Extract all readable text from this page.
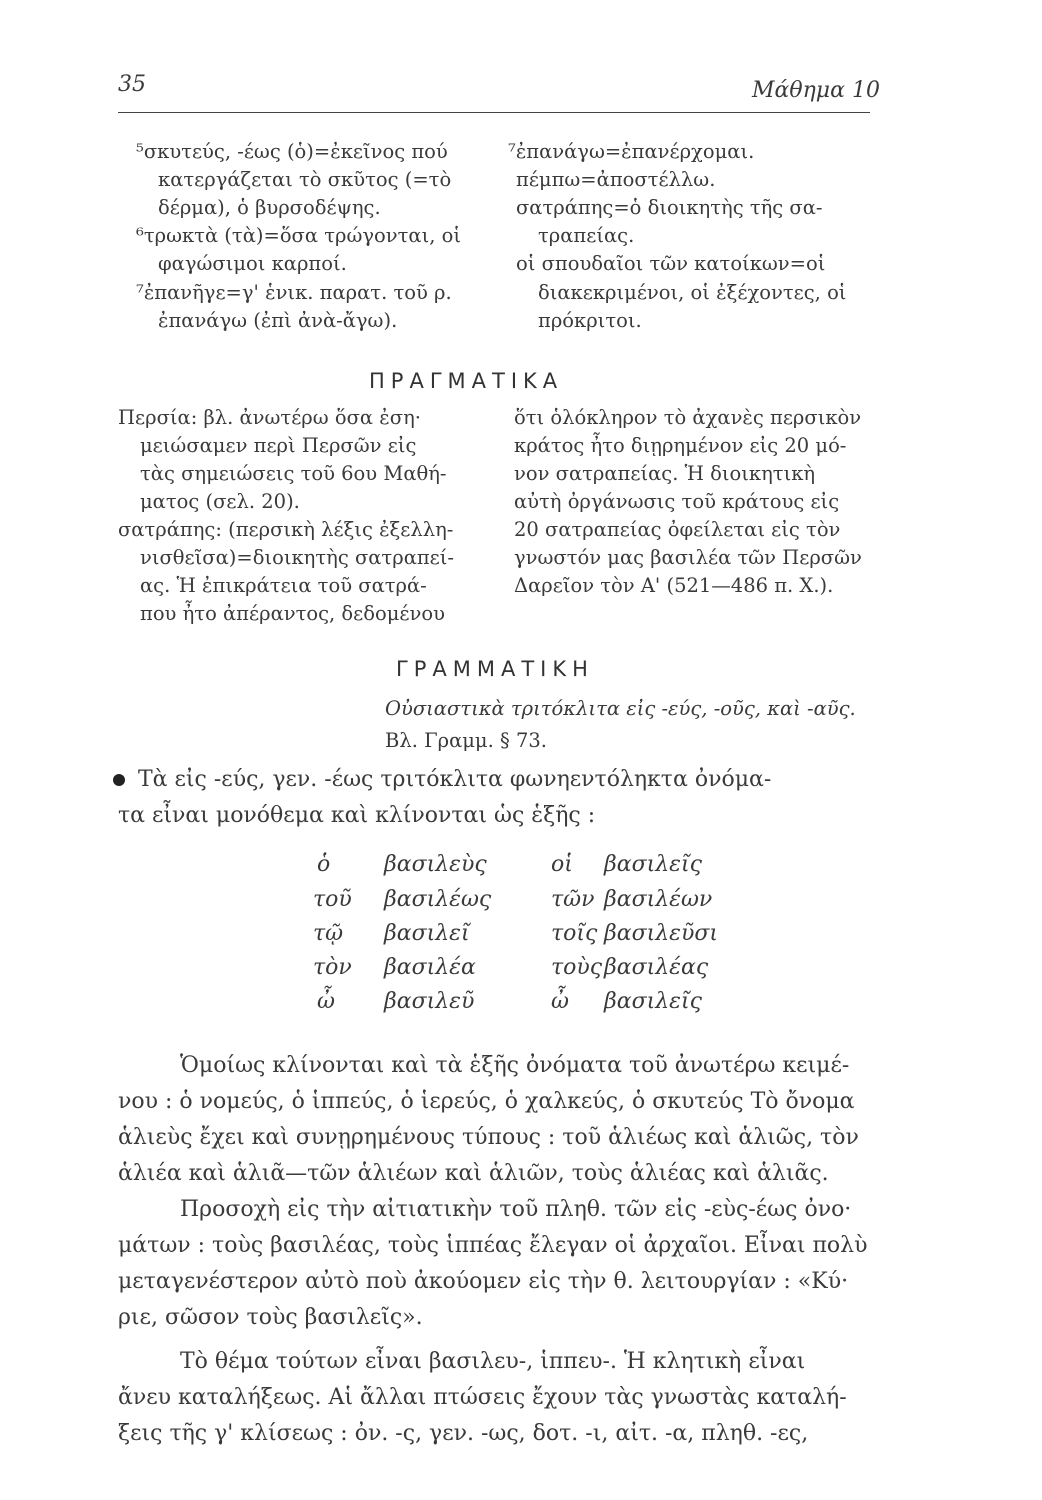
35	Μάθημα 10
⁵σκυτεύς, -έως (ὁ)=ἐκεῖνος πού
κατεργάζεται τὸ σκῦτος (=τὸ
δέρμα), ὁ βυρσοδέψης.
⁶τρωκτὰ (τὰ)=ὅσα τρώγονται, οἱ
φαγώσιμοι καρποί.
⁷ἐπανῆγε=γ' ἑνικ. παρατ. τοῦ ρ.
ἐπανάγω (ἐπὶ ἀνὰ-ἄγω).
⁷ἐπανάγω=ἐπανέρχομαι.
πέμπω=ἀποστέλλω.
σατράπης=ὁ διοικητὴς τῆς σα-
τραπείας.
οἱ σπουδαῖοι τῶν κατοίκων=οἱ
διακεκριμένοι, οἱ ἐξέχοντες, οἱ
πρόκριτοι.
ΠΡΑΓΜΑΤΙΚΑ
Περσία: βλ. ἀνωτέρω ὅσα ἐση·
μειώσαμεν περὶ Περσῶν εἰς
τὰς σημειώσεις τοῦ 6ου Μαθή-
ματος (σελ. 20).
σατράπης: (περσικὴ λέξις ἐξελλη-
νισθεῖσα)=διοικητὴς σατραπεί-
ας. Ἡ ἐπικράτεια τοῦ σατρά-
που ἦτο ἀπέραντος, δεδομένου
ὅτι ὁλόκληρον τὸ ἀχανὲς περσικὸν
κράτος ἦτο διῃρημένον εἰς 20 μό-
νον σατραπείας. Ἡ διοικητικὴ
αὐτὴ ὀργάνωσις τοῦ κράτους εἰς
20 σατραπείας ὀφείλεται εἰς τὸν
γνωστόν μας βασιλέα τῶν Περσῶν
Δαρεῖον τὸν Α' (521—486 π. Χ.).
ΓΡΑΜΜΑΤΙΚΗ
Οὐσιαστικὰ τριτόκλιτα εἰς -εύς, -οῦς, καὶ -αῦς.
Βλ. Γραμμ. § 73.
Τὰ εἰς -εύς, γεν. -έως τριτόκλιτα φωνηεντόληκτα ὀνόμα-
τα εἶναι μονόθεμα καὶ κλίνονται ὡς ἑξῆς :
ὁ βασιλεὺς	οἱ βασιλεῖς
τοῦ βασιλέως	τῶν βασιλέων
τῷ βασιλεῖ	τοῖς βασιλεῦσι
τὸν βασιλέα	τοὺς βασιλέας
ὦ βασιλεῦ	ὦ βασιλεῖς
Ὁμοίως κλίνονται καὶ τὰ ἑξῆς ὀνόματα τοῦ ἀνωτέρω κειμέ-
νου : ὁ νομεύς, ὁ ἱππεύς, ὁ ἱερεύς, ὁ χαλκεύς, ὁ σκυτεύς Τὸ ὄνομα
ἁλιεὺς ἔχει καὶ συνῃρημένους τύπους : τοῦ ἁλιέως καὶ ἁλιῶς, τὸν
ἁλιέα καὶ ἁλιᾶ—τῶν ἁλιέων καὶ ἁλιῶν, τοὺς ἁλιέας καὶ ἁλιᾶς.
Προσοχὴ εἰς τὴν αἰτιατικὴν τοῦ πληθ. τῶν εἰς -εὺς-έως ὀνο·
μάτων : τοὺς βασιλέας, τοὺς ἱππέας ἔλεγαν οἱ ἀρχαῖοι. Εἶναι πολὺ
μεταγενέστερον αὐτὸ ποὺ ἀκούομεν εἰς τὴν θ. λειτουργίαν : «Κύ·
ριε, σῶσον τοὺς βασιλεῖς».
Τὸ θέμα τούτων εἶναι βασιλευ-, ἱππευ-. Ἡ κλητικὴ εἶναι
ἄνευ καταλήξεως. Αἱ ἄλλαι πτώσεις ἔχουν τὰς γνωστὰς καταλή-
ξεις τῆς γ' κλίσεως : ὀν. -ς, γεν. -ως, δοτ. -ι, αἰτ. -α, πληθ. -ες,
